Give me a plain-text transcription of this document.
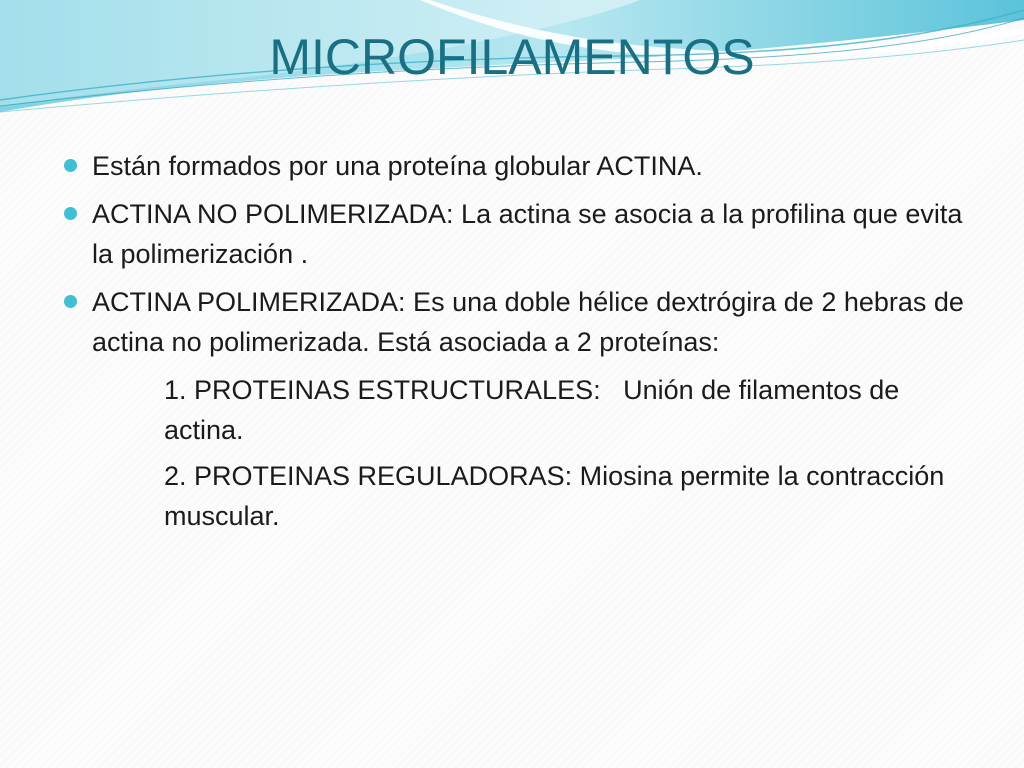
MICROFILAMENTOS
Están formados por una proteína globular ACTINA.
ACTINA NO POLIMERIZADA: La actina se asocia a la profilina que evita la polimerización .
ACTINA POLIMERIZADA: Es una doble hélice dextrógira de 2 hebras de actina no polimerizada. Está asociada a 2 proteínas:
1. PROTEINAS ESTRUCTURALES:   Unión de filamentos de actina.
2. PROTEINAS REGULADORAS: Miosina permite la contracción muscular.
